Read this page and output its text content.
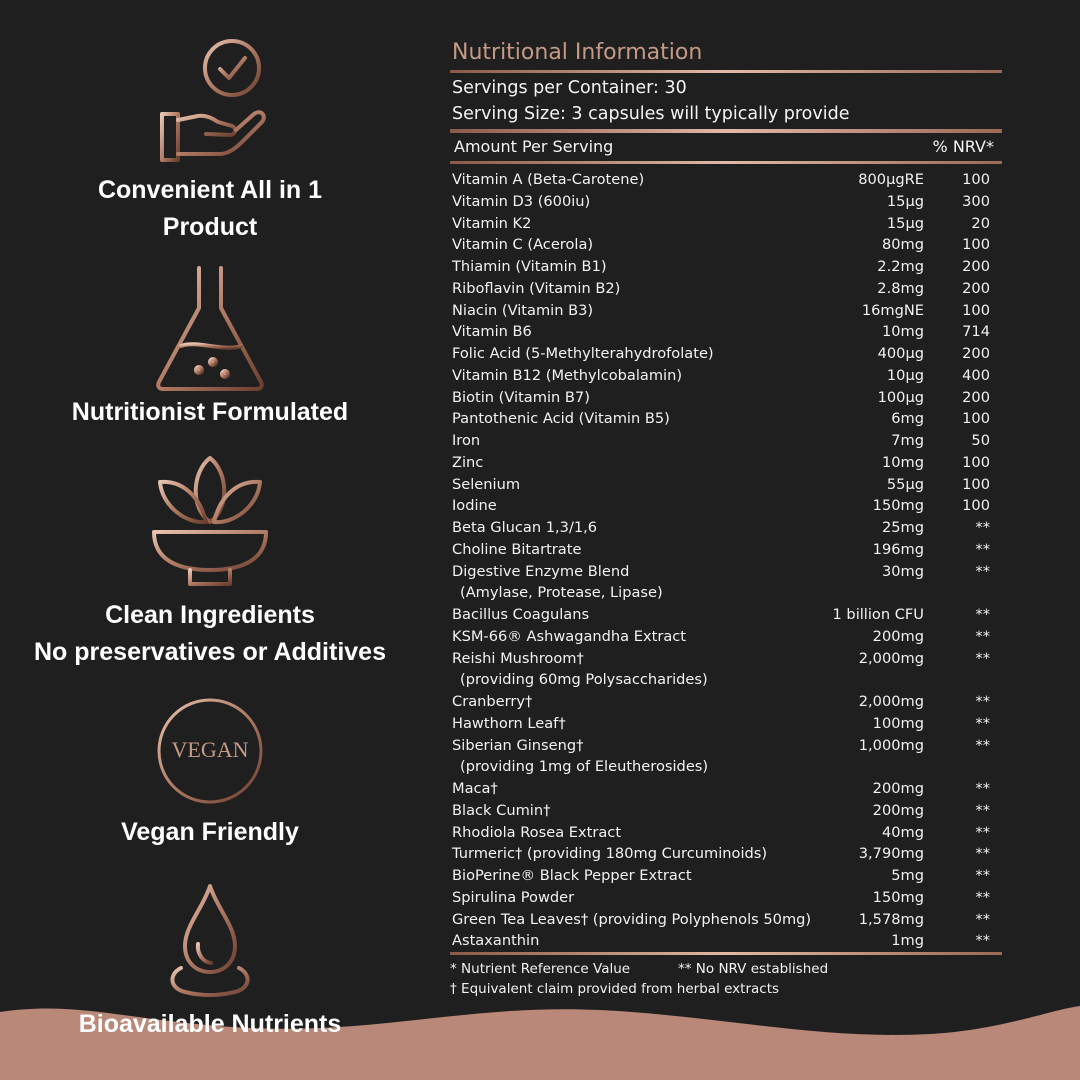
Convenient All in 1
Product
Nutritionist Formulated
Clean Ingredients
No preservatives or Additives
VEGAN
Vegan Friendly
Bioavailable Nutrients
Nutritional Information
Servings per Container: 30
Serving Size: 3 capsules will typically provide
Amount Per Serving	% NRV*
Vitamin A (Beta-Carotene)	800µgRE	100
Vitamin D3 (600iu)	15µg	300
Vitamin K2	15µg	20
Vitamin C (Acerola)	80mg	100
Thiamin (Vitamin B1)	2.2mg	200
Riboflavin (Vitamin B2)	2.8mg	200
Niacin (Vitamin B3)	16mgNE	100
Vitamin B6	10mg	714
Folic Acid (5-Methylterahydrofolate)	400µg	200
Vitamin B12 (Methylcobalamin)	10µg	400
Biotin (Vitamin B7)	100µg	200
Pantothenic Acid (Vitamin B5)	6mg	100
Iron	7mg	50
Zinc	10mg	100
Selenium	55µg	100
Iodine	150mg	100
Beta Glucan 1,3/1,6	25mg	**
Choline Bitartrate	196mg	**
Digestive Enzyme Blend	30mg	**
(Amylase, Protease, Lipase)
Bacillus Coagulans	1 billion CFU	**
KSM-66® Ashwagandha Extract	200mg	**
Reishi Mushroom†	2,000mg	**
(providing 60mg Polysaccharides)
Cranberry†	2,000mg	**
Hawthorn Leaf†	100mg	**
Siberian Ginseng†	1,000mg	**
(providing 1mg of Eleutherosides)
Maca†	200mg	**
Black Cumin†	200mg	**
Rhodiola Rosea Extract	40mg	**
Turmeric† (providing 180mg Curcuminoids)	3,790mg	**
BioPerine® Black Pepper Extract	5mg	**
Spirulina Powder	150mg	**
Green Tea Leaves† (providing Polyphenols 50mg)	1,578mg	**
Astaxanthin	1mg	**
* Nutrient Reference Value	** No NRV established
† Equivalent claim provided from herbal extracts
